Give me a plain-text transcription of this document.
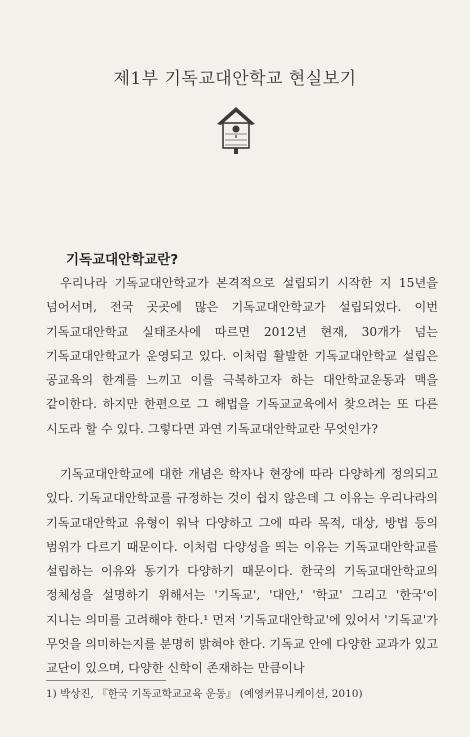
제1부 기독교대안학교 현실보기
기독교대안학교란?

우리나라 기독교대안학교가 본격적으로 설립되기 시작한 지 15년을 넘어서며, 전국 곳곳에 많은 기독교대안학교가 설립되었다. 이번 기독교대안학교 실태조사에 따르면 2012년 현재, 30개가 넘는 기독교대안학교가 운영되고 있다. 이처럼 활발한 기독교대안학교 설립은 공교육의 한계를 느끼고 이를 극복하고자 하는 대안학교운동과 맥을 같이한다. 하지만 한편으로 그 해법을 기독교교육에서 찾으려는 또 다른 시도라 할 수 있다. 그렇다면 과연 기독교대안학교란 무엇인가?

기독교대안학교에 대한 개념은 학자나 현장에 따라 다양하게 정의되고 있다. 기독교대안학교를 규정하는 것이 쉽지 않은데 그 이유는 우리나라의 기독교대안학교 유형이 워낙 다양하고 그에 따라 목적, 대상, 방법 등의 범위가 다르기 때문이다. 이처럼 다양성을 띄는 이유는 기독교대안학교를 설립하는 이유와 동기가 다양하기 때문이다. 한국의 기독교대안학교의 정체성을 설명하기 위해서는 '기독교', '대안,' '학교' 그리고 '한국'이 지니는 의미를 고려해야 한다.¹ 먼저 '기독교대안학교'에 있어서 '기독교'가 무엇을 의미하는지를 분명히 밝혀야 한다. 기독교 안에 다양한 교과가 있고 교단이 있으며, 다양한 신학이 존재하는 만큼이나

1) 박상진, 『한국 기독교학교교육 운동』 (예영커뮤니케이션, 2010)
